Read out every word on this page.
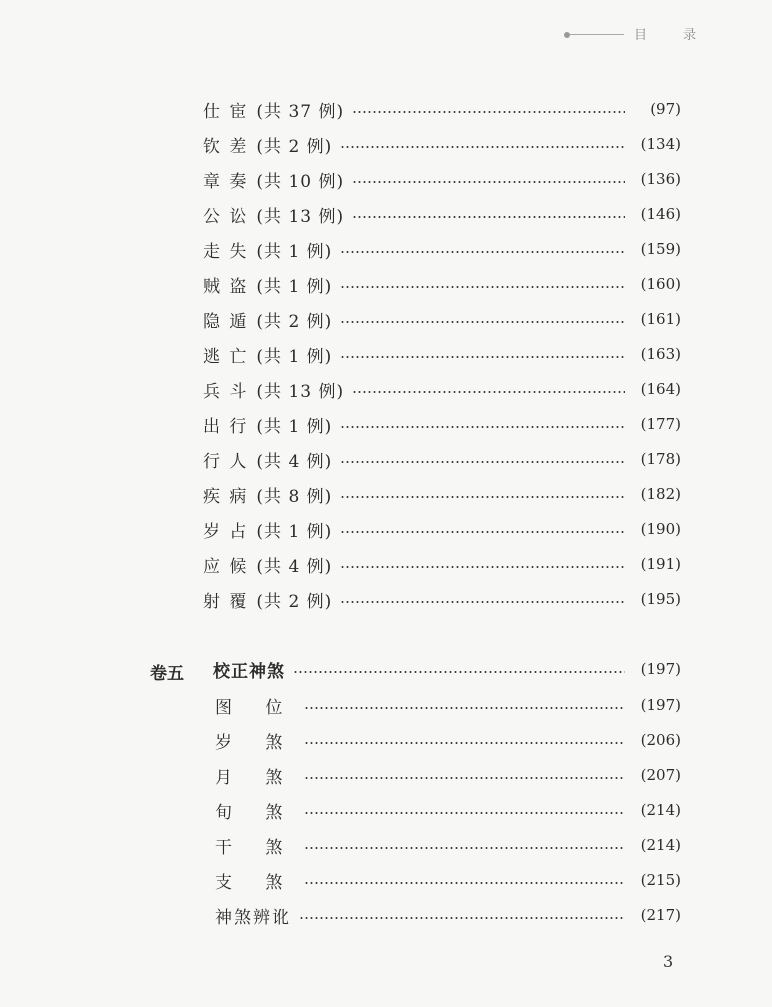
目 录
仕 宦 (共 37 例)	(97)
钦 差 (共 2 例)	(134)
章 奏 (共 10 例)	(136)
公 讼 (共 13 例)	(146)
走 失 (共 1 例)	(159)
贼 盗 (共 1 例)	(160)
隐 遁 (共 2 例)	(161)
逃 亡 (共 1 例)	(163)
兵 斗 (共 13 例)	(164)
出 行 (共 1 例)	(177)
行 人 (共 4 例)	(178)
疾 病 (共 8 例)	(182)
岁 占 (共 1 例)	(190)
应 候 (共 4 例)	(191)
射 覆 (共 2 例)	(195)
卷五 校正神煞	(197)
图 位	(197)
岁 煞	(206)
月 煞	(207)
旬 煞	(214)
干 煞	(214)
支 煞	(215)
神煞辨讹	(217)
3
